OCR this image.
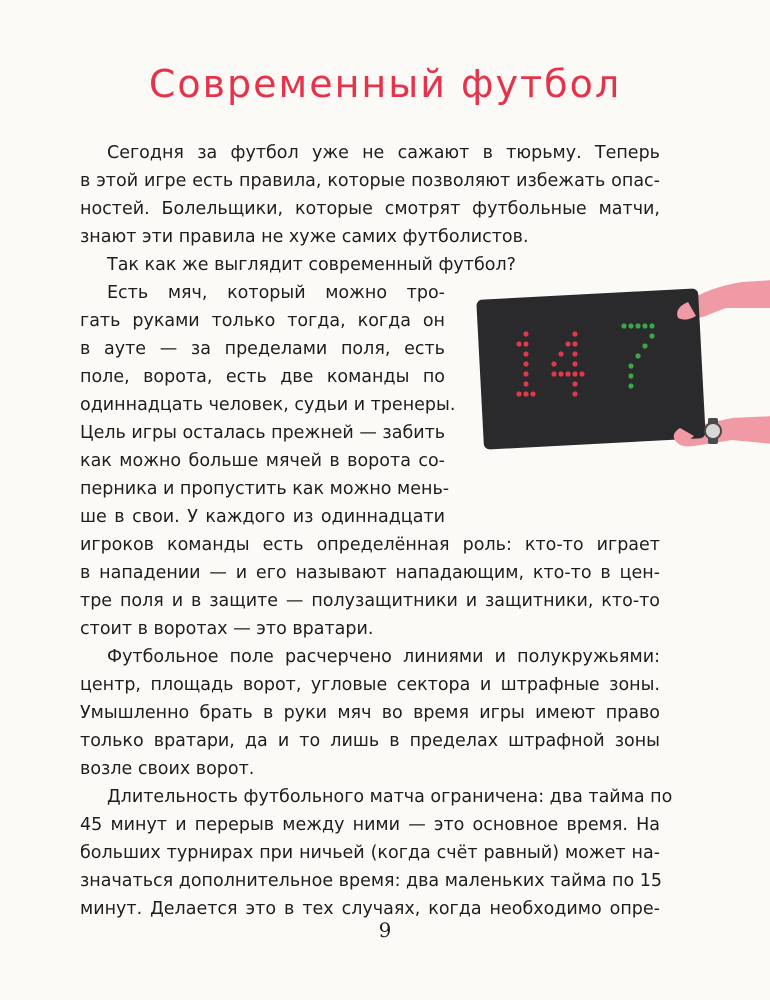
Современный футбол
Сегодня за футбол уже не сажают в тюрьму. Теперь
в этой игре есть правила, которые позволяют избежать опас-
ностей. Болельщики, которые смотрят футбольные матчи,
знают эти правила не хуже самих футболистов.
Так как же выглядит современный футбол?
Есть мяч, который можно тро-
гать руками только тогда, когда он
в ауте — за пределами поля, есть
поле, ворота, есть две команды по
одиннадцать человек, судьи и тренеры.
Цель игры осталась прежней — забить
как можно больше мячей в ворота со-
перника и пропустить как можно мень-
ше в свои. У каждого из одиннадцати
игроков команды есть определённая роль: кто-то играет
в нападении — и его называют нападающим, кто-то в цен-
тре поля и в защите — полузащитники и защитники, кто-то
стоит в воротах — это вратари.
Футбольное поле расчерчено линиями и полукружьями:
центр, площадь ворот, угловые сектора и штрафные зоны.
Умышленно брать в руки мяч во время игры имеют право
только вратари, да и то лишь в пределах штрафной зоны
возле своих ворот.
Длительность футбольного матча ограничена: два тайма по
45 минут и перерыв между ними — это основное время. На
больших турнирах при ничьей (когда счёт равный) может на-
значаться дополнительное время: два маленьких тайма по 15
минут. Делается это в тех случаях, когда необходимо опре-
9
